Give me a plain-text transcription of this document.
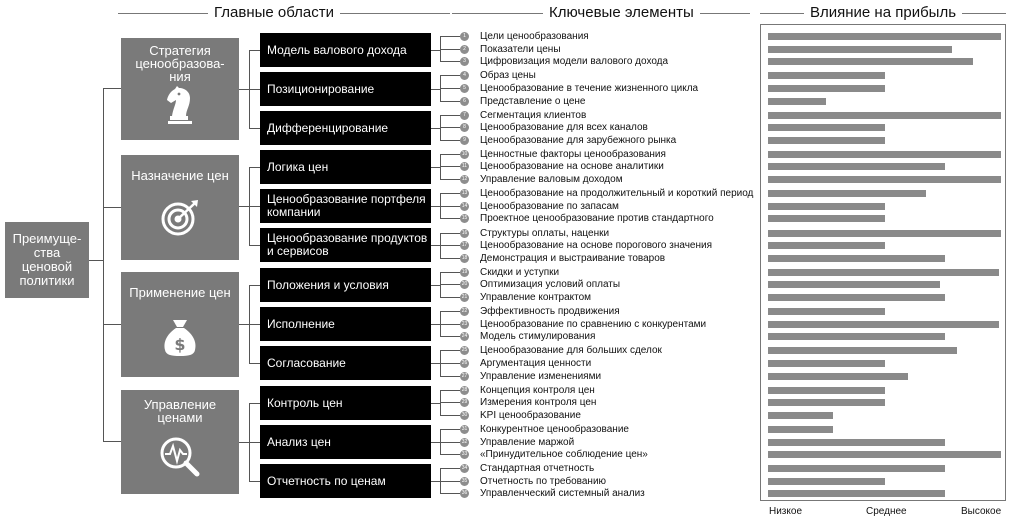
Главные области	Ключевые элементы	Влияние на прибыль
Преимуще-
ства
ценовой
политики
Стратегия
ценообразова-
ния
Назначение цен
Применение цен
$
Управление
ценами
Модель валового дохода
Позиционирование
Дифференцирование
Логика цен
Ценообразование портфеля
компании
Ценообразование продуктов
и сервисов
Положения и условия
Исполнение
Согласование
Контроль цен
Анализ цен
Отчетность по ценам
1	Цели ценообразования
2	Показатели цены
3	Цифровизация модели валового дохода
4	Образ цены
5	Ценообразование в течение жизненного цикла
6	Представление о цене
7	Сегментация клиентов
8	Ценообразование для всех каналов
9	Ценообразование для зарубежного рынка
10 Ценностные факторы ценообразования
11 Ценообразование на основе аналитики
12 Управление валовым доходом
13 Ценообразование на продолжительный и короткий период
14 Ценообразование по запасам
15 Проектное ценообразование против стандартного
16 Структуры оплаты, наценки
17 Ценообразование на основе порогового значения
18 Демонстрация и выстраивание товаров
19 Скидки и уступки
20 Оптимизация условий оплаты
21 Управление контрактом
22 Эффективность продвижения
23 Ценообразование по сравнению с конкурентами
24 Модель стимулирования
25 Ценообразование для больших сделок
26 Аргументация ценности
27 Управление изменениями
28 Концепция контроля цен
29 Измерения контроля цен
30 KPI ценообразование
31 Конкурентное ценообразование
32 Управление маржой
33 «Принудительное соблюдение цен»
34 Стандартная отчетность
35 Отчетность по требованию
36 Управленческий системный анализ
Низкое	Среднее	Высокое
